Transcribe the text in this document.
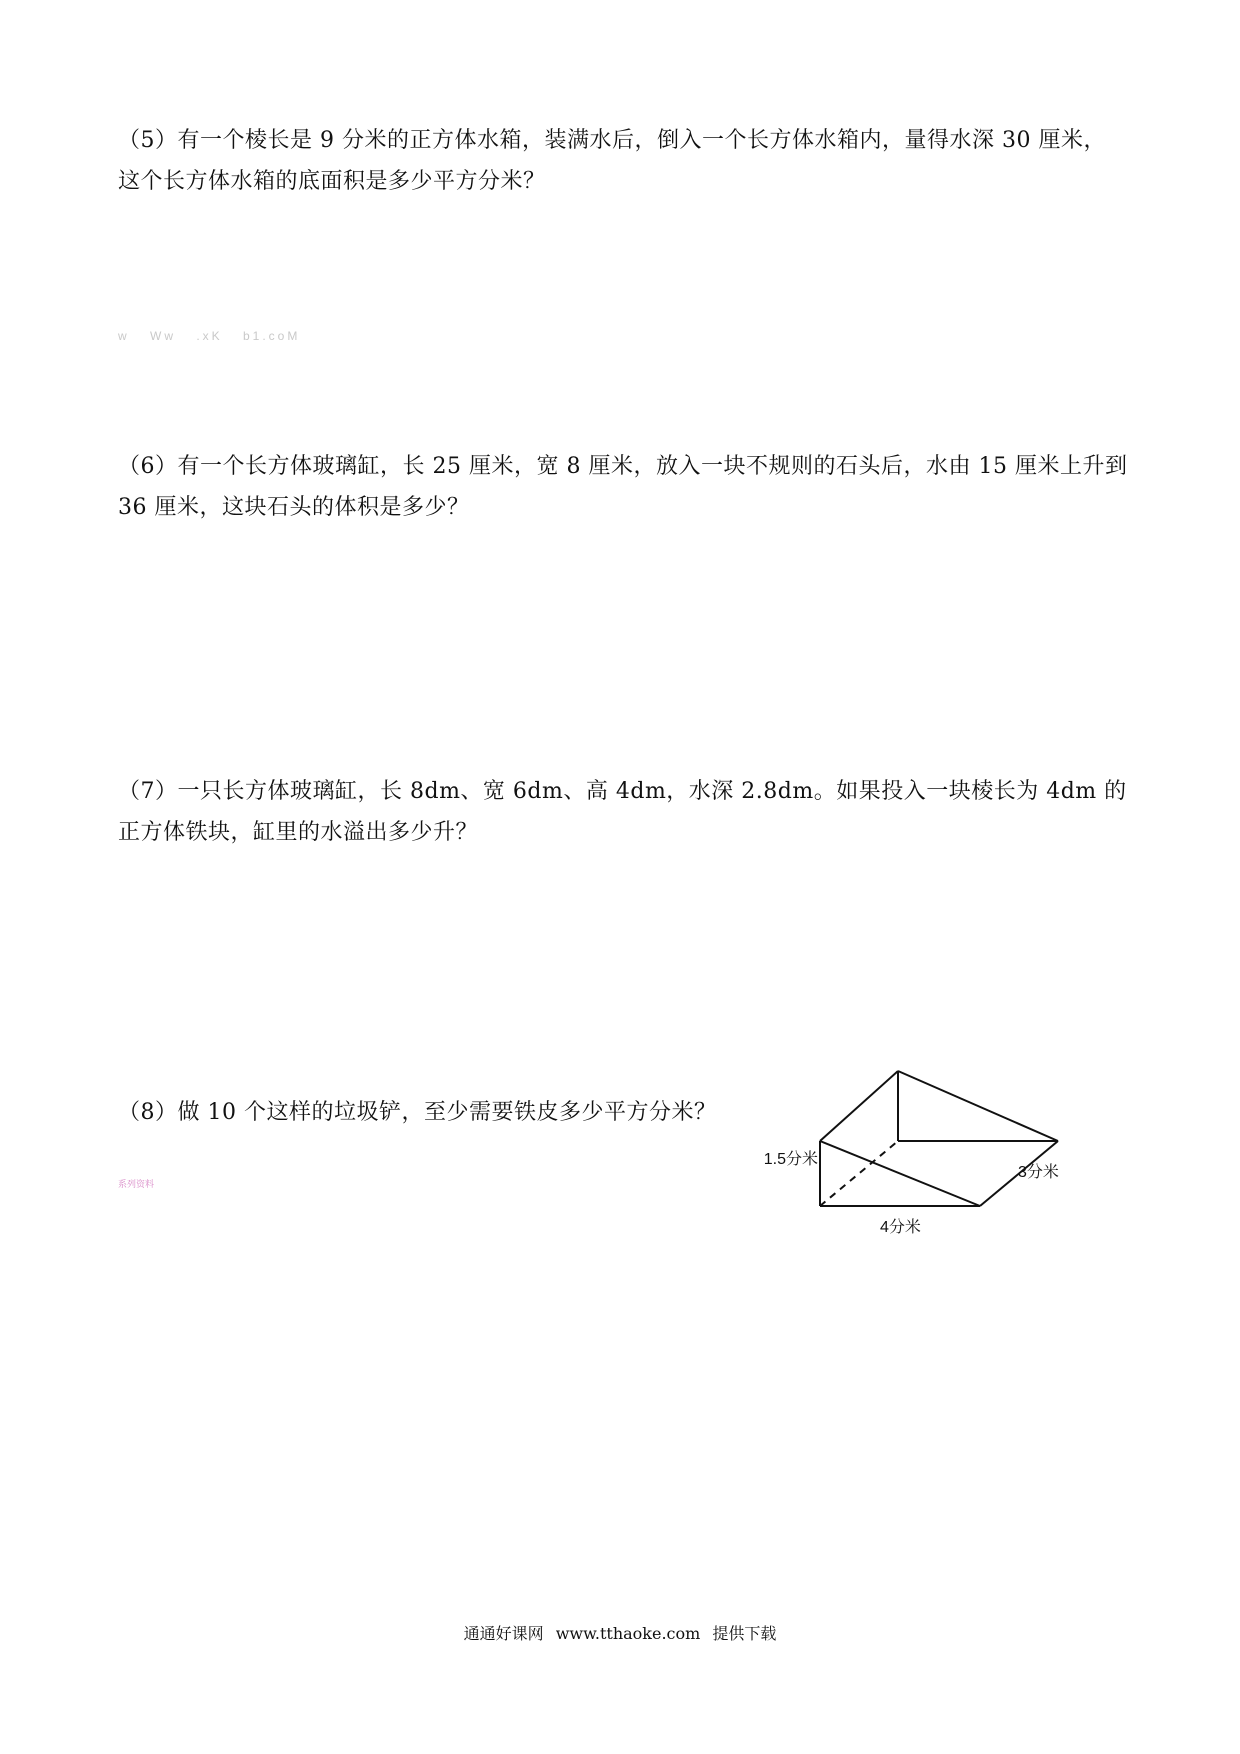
（5）有一个棱长是 9 分米的正方体水箱，装满水后，倒入一个长方体水箱内，量得水深 30 厘米，这个长方体水箱的底面积是多少平方分米？

w Ww .xK b1.coM

（6）有一个长方体玻璃缸，长 25 厘米，宽 8 厘米，放入一块不规则的石头后，水由 15 厘米上升到 36 厘米，这块石头的体积是多少？

（7）一只长方体玻璃缸，长 8dm、宽 6dm、高 4dm，水深 2.8dm。如果投入一块棱长为 4dm 的正方体铁块，缸里的水溢出多少升？

（8）做 10 个这样的垃圾铲，至少需要铁皮多少平方分米？

系列资料
1.5分米
3分米
4分米
通通好课网 www.tthaoke.com 提供下载
